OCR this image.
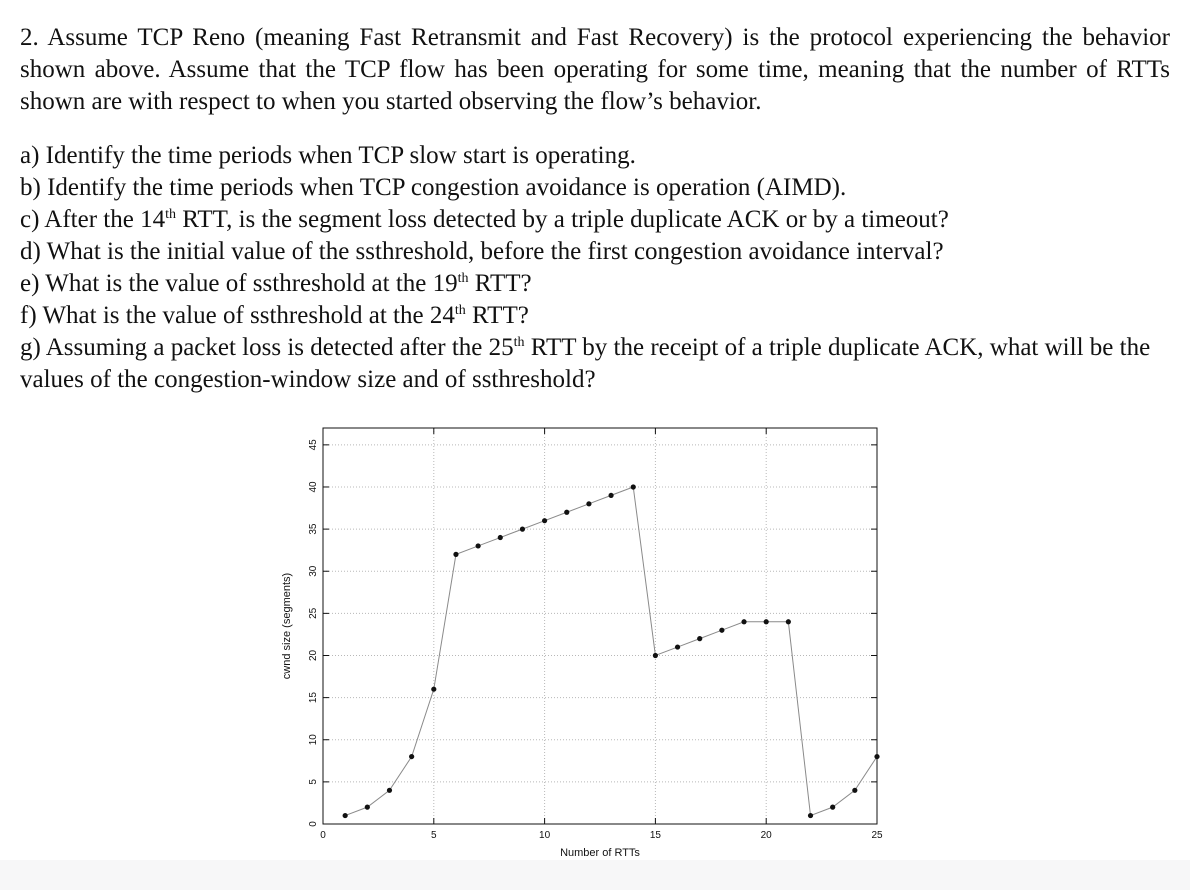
2. Assume TCP Reno (meaning Fast Retransmit and Fast Recovery) is the protocol experiencing the behavior shown above. Assume that the TCP flow has been operating for some time, meaning that the number of RTTs shown are with respect to when you started observing the flow’s behavior.
a) Identify the time periods when TCP slow start is operating.
b) Identify the time periods when TCP congestion avoidance is operation (AIMD).
c) After the 14th RTT, is the segment loss detected by a triple duplicate ACK or by a timeout?
d) What is the initial value of the ssthreshold, before the first congestion avoidance interval?
e) What is the value of ssthreshold at the 19th RTT?
f) What is the value of ssthreshold at the 24th RTT?
g) Assuming a packet loss is detected after the 25th RTT by the receipt of a triple duplicate ACK, what will be the values of the congestion-window size and of ssthreshold?
0
5
10
15
20
25
30
35
40
45
0	5	10	15	20	25
Number of RTTs
cwnd size (segments)
